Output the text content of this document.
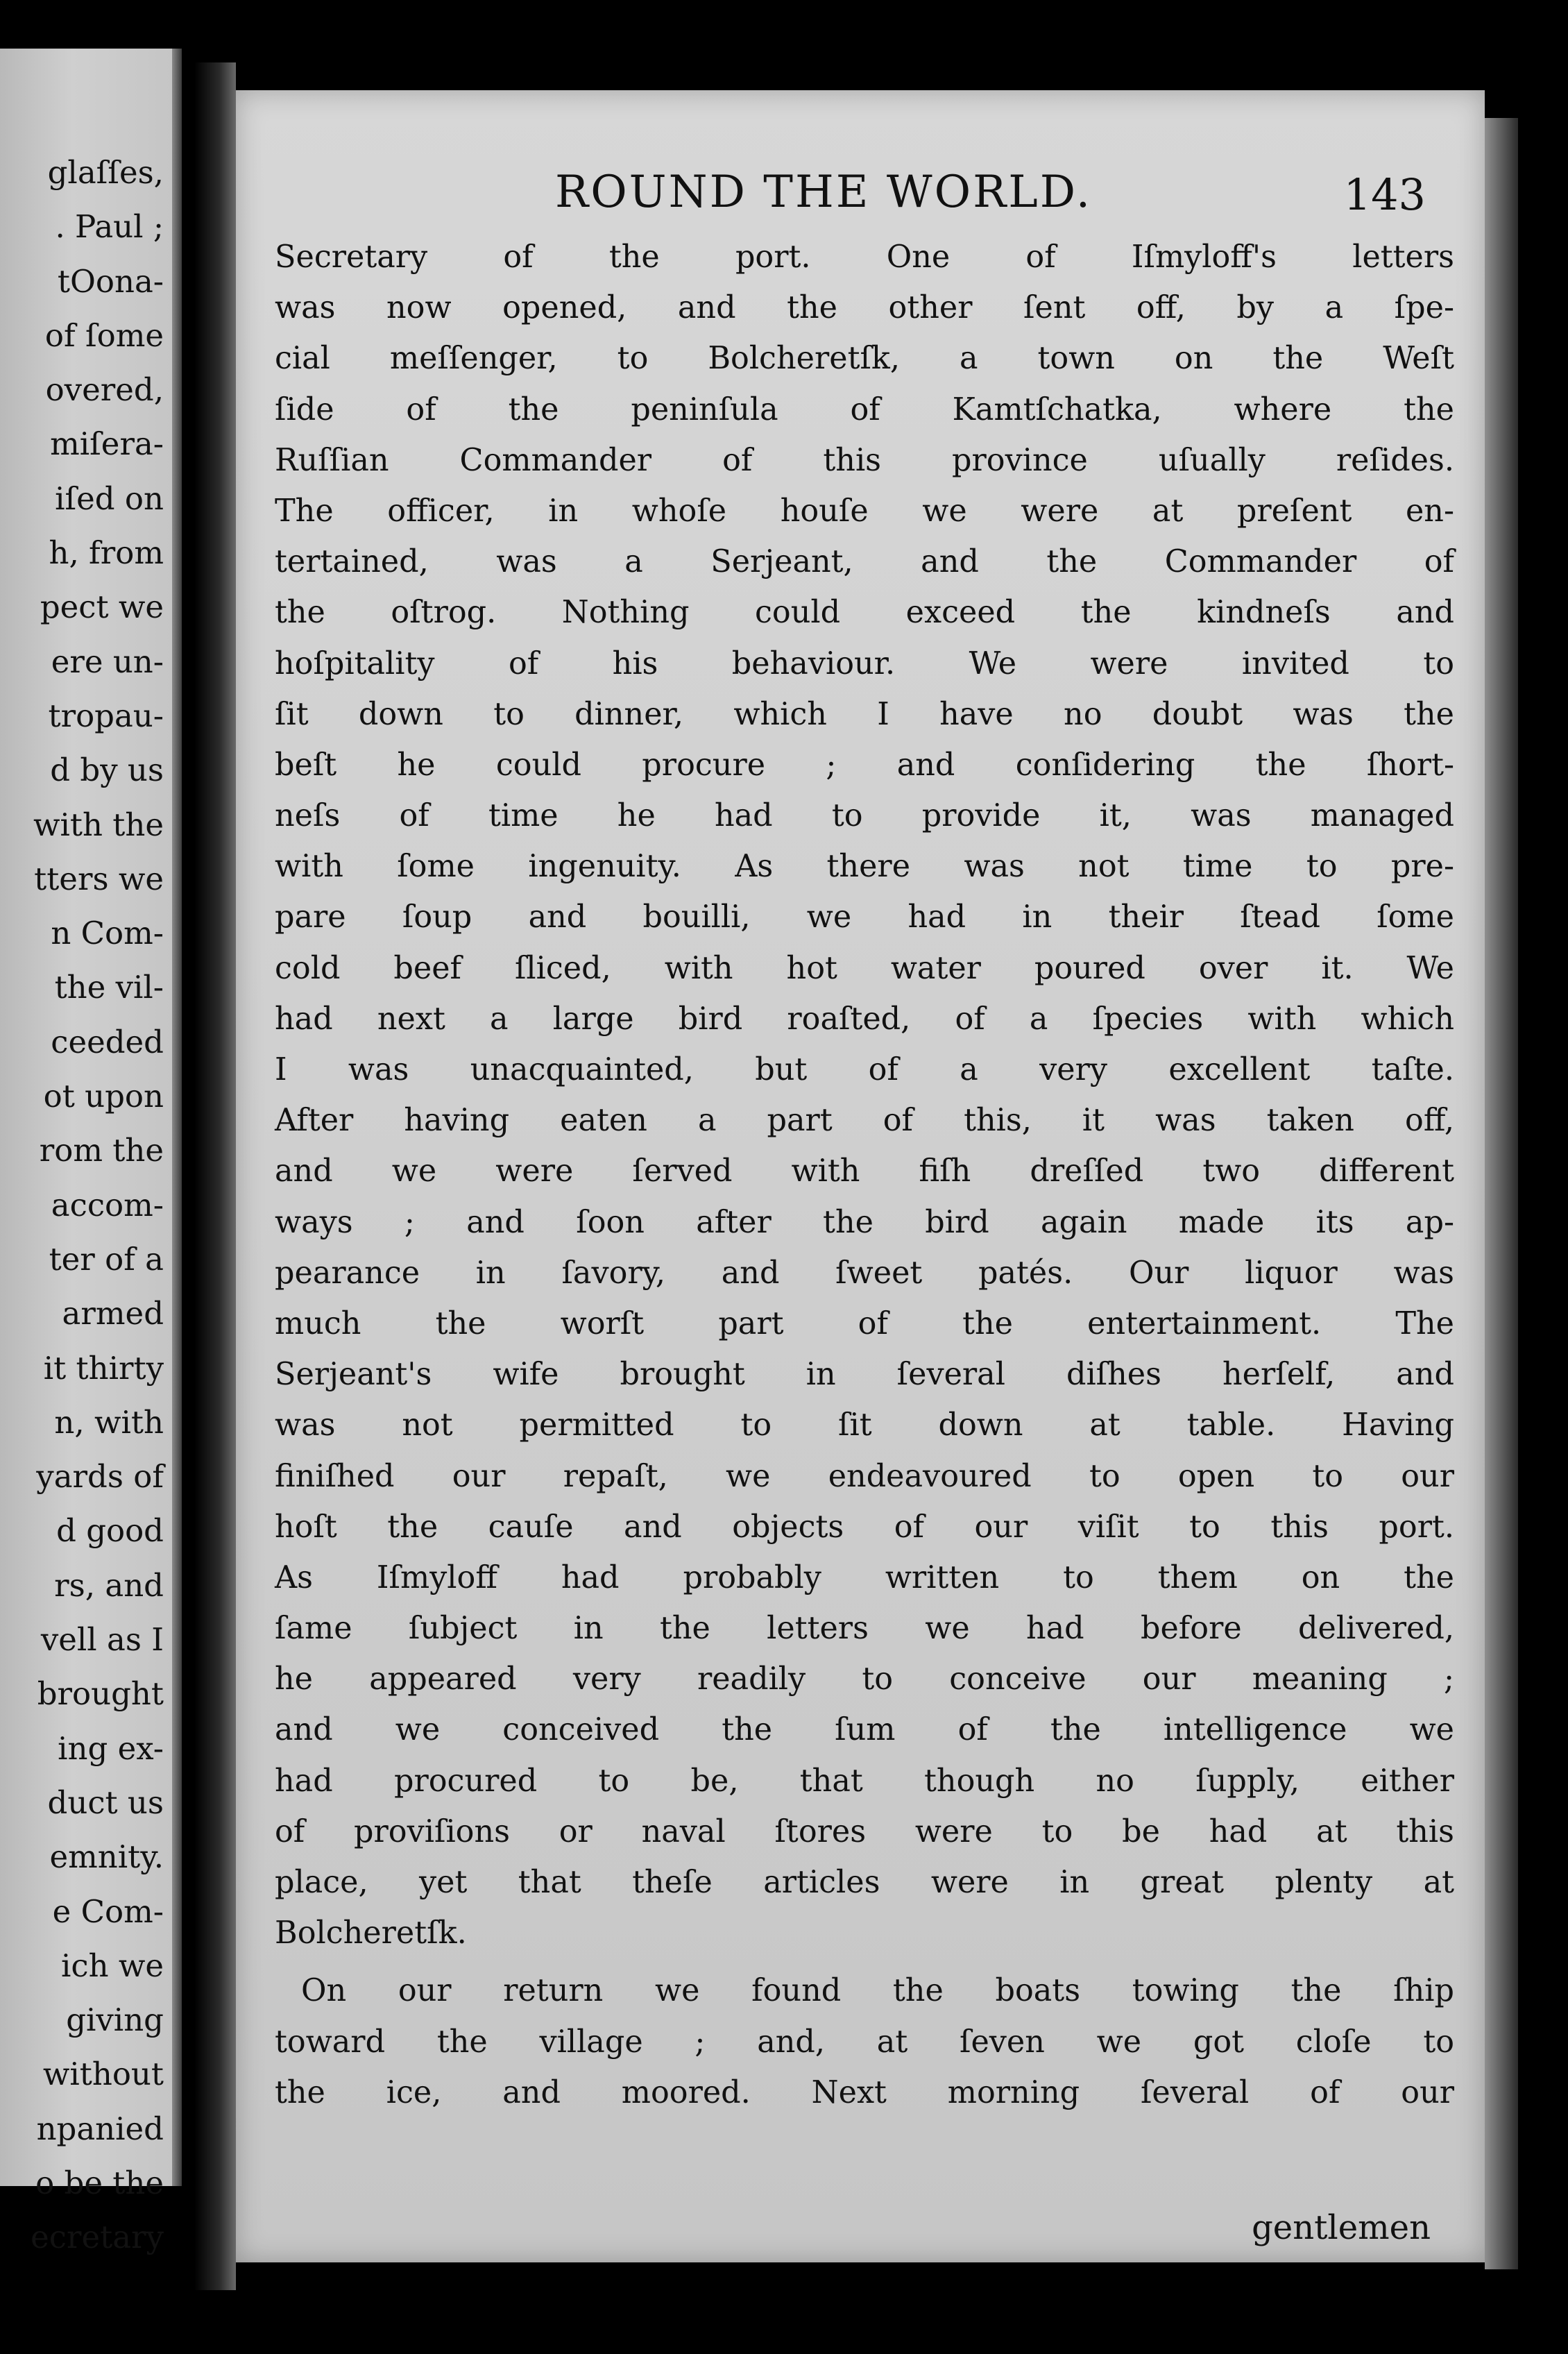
glaſſes,
. Paul ;
tOona-
of ſome
overed,
miſera-
iſed on
h, from
pect we
ere un-
tropau-
d by us
with the
tters we
n Com-
the vil-
ceeded
ot upon
rom the
accom-
ter of a
armed
it thirty
n, with
yards of
d good
rs, and
vell as I
brought
ing ex-
duct us
emnity.
e Com-
ich we
giving
without
npanied
o be the
ecretary
ROUND THE WORLD.	143
Secretary of the port. One of Iſmyloff's letters
was now opened, and the other ſent off, by a ſpe-
cial meſſenger, to Bolcheretſk, a town on the Weſt
ſide of the peninſula of Kamtſchatka, where the
Ruſſian Commander of this province uſually reſides.
The officer, in whoſe houſe we were at preſent en-
tertained, was a Serjeant, and the Commander of
the oſtrog. Nothing could exceed the kindneſs and
hoſpitality of his behaviour. We were invited to
ſit down to dinner, which I have no doubt was the
beſt he could procure ; and conſidering the ſhort-
neſs of time he had to provide it, was managed
with ſome ingenuity. As there was not time to pre-
pare ſoup and bouilli, we had in their ſtead ſome
cold beef ſliced, with hot water poured over it. We
had next a large bird roaſted, of a ſpecies with which
I was unacquainted, but of a very excellent taſte.
After having eaten a part of this, it was taken off,
and we were ſerved with fiſh dreſſed two different
ways ; and ſoon after the bird again made its ap-
pearance in ſavory, and ſweet patés. Our liquor was
much the worſt part of the entertainment. The
Serjeant's wife brought in ſeveral diſhes herſelf, and
was not permitted to ſit down at table. Having
finiſhed our repaſt, we endeavoured to open to our
hoſt the cauſe and objects of our viſit to this port.
As Iſmyloff had probably written to them on the
ſame ſubject in the letters we had before delivered,
he appeared very readily to conceive our meaning ;
and we conceived the ſum of the intelligence we
had procured to be, that though no ſupply, either
of proviſions or naval ſtores were to be had at this
place, yet that theſe articles were in great plenty at
Bolcheretſk.
On our return we found the boats towing the ſhip
toward the village ; and, at ſeven we got cloſe to
the ice, and moored. Next morning ſeveral of our
gentlemen
